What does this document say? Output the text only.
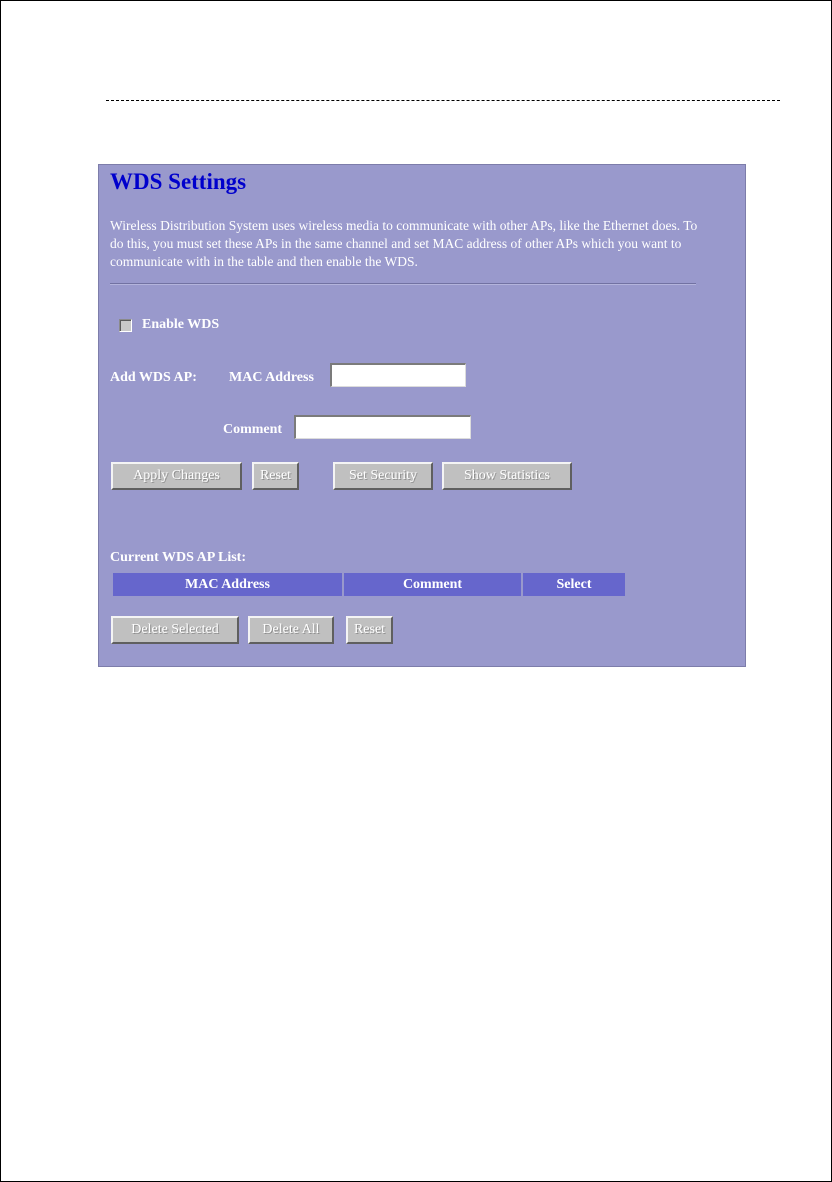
WDS Settings

Wireless Distribution System uses wireless media to communicate with other APs, like the Ethernet does. To do this, you must set these APs in the same channel and set MAC address of other APs which you want to communicate with in the table and then enable the WDS.

Enable WDS
Add WDS AP: MAC Address
Comment
Apply Changes	Reset	Set Security	Show Statistics
Current WDS AP List:
MAC Address	Comment	Select
Delete Selected	Delete All	Reset
